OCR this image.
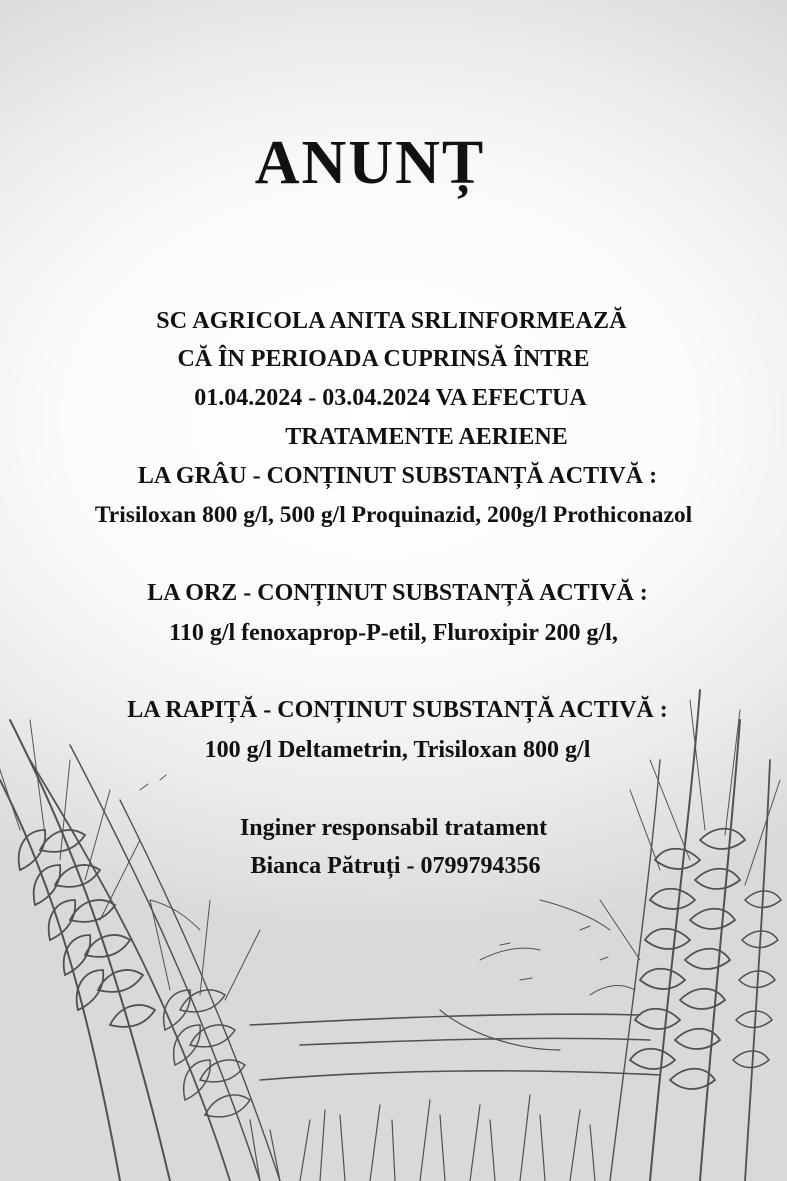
ANUNȚ

SC AGRICOLA ANITA SRLINFORMEAZĂ

CĂ ÎN PERIOADA CUPRINSĂ ÎNTRE

01.04.2024 - 03.04.2024 VA EFECTUA

TRATAMENTE AERIENE

LA GRÂU - CONȚINUT SUBSTANȚĂ ACTIVĂ :

Trisiloxan 800 g/l, 500 g/l Proquinazid, 200g/l Prothiconazol

LA ORZ - CONȚINUT SUBSTANȚĂ ACTIVĂ :

110 g/l fenoxaprop-P-etil, Fluroxipir 200 g/l,

LA RAPIȚĂ - CONȚINUT SUBSTANȚĂ ACTIVĂ :

100 g/l Deltametrin, Trisiloxan 800 g/l

Inginer responsabil tratament

Bianca Pătruți - 0799794356
